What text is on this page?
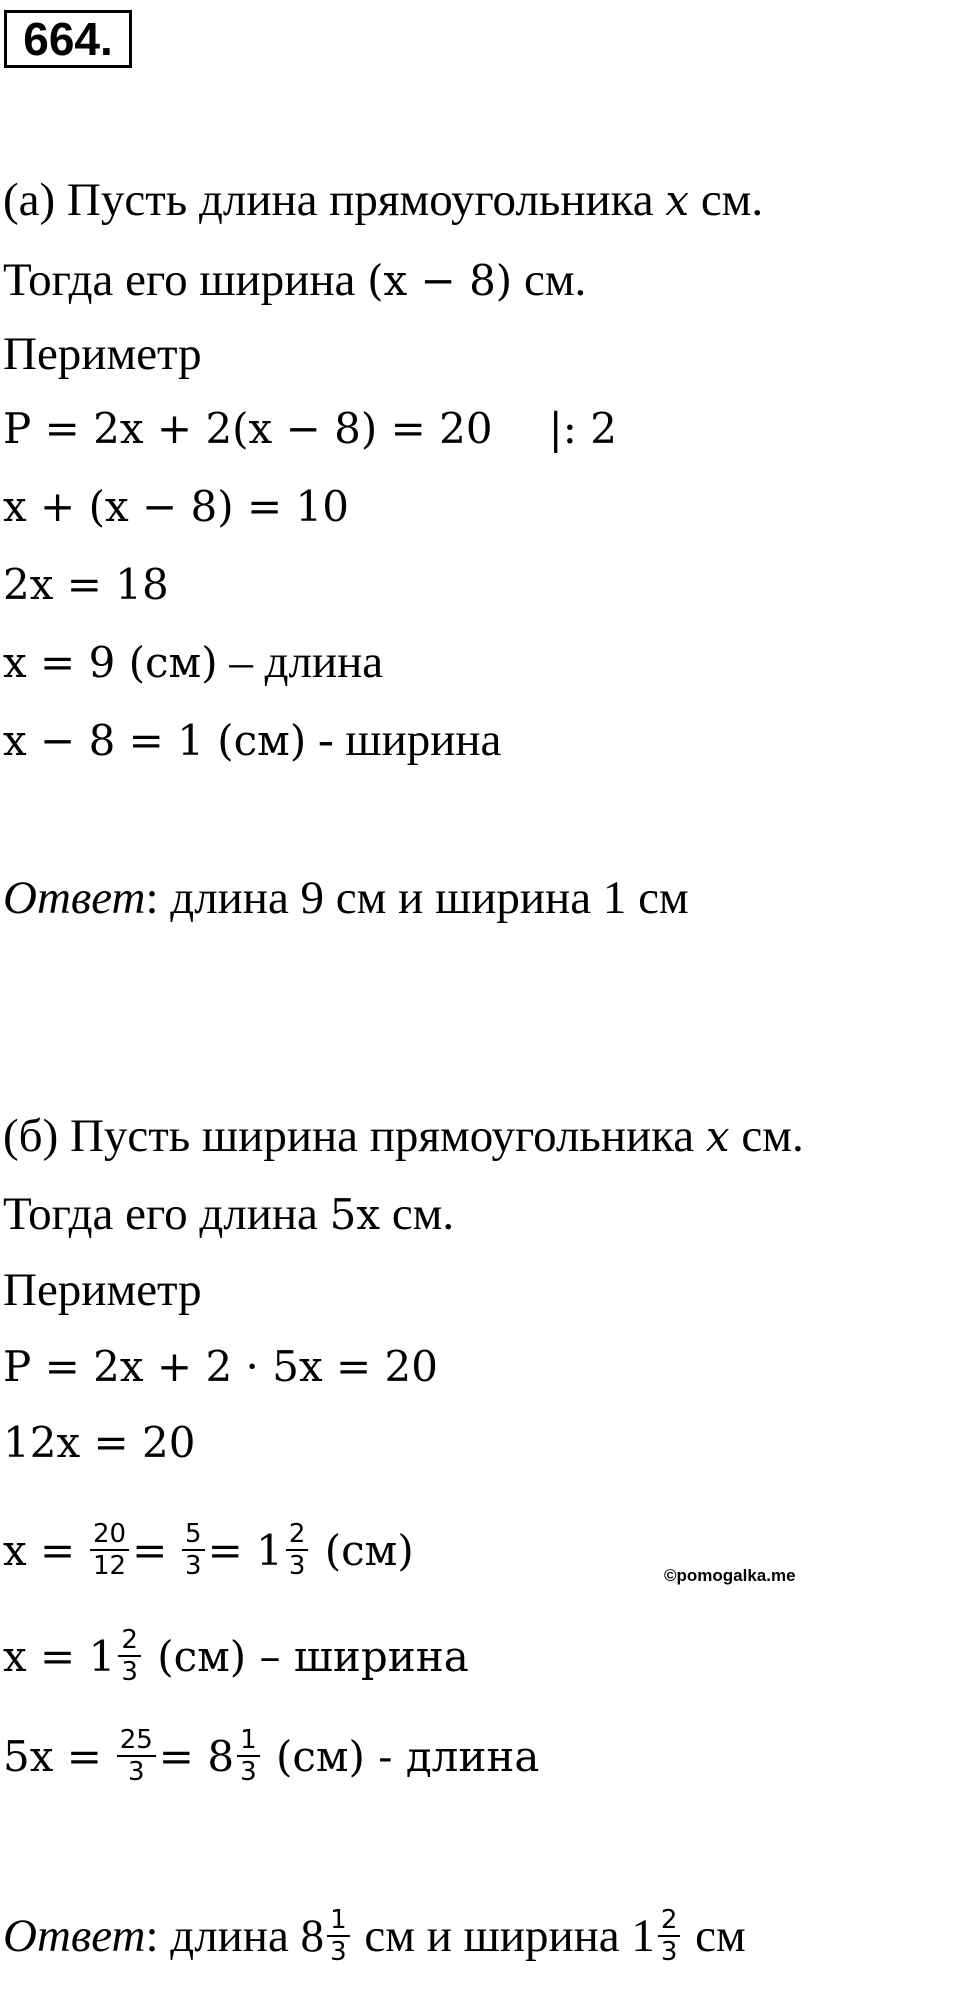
664.
(а) Пусть длина прямоугольника x см.
Тогда его ширина (x − 8) см.
Периметр
P = 2x + 2(x − 8) = 20 |: 2
x + (x − 8) = 10
2x = 18
x = 9 (см) – длина
x − 8 = 1 (см) - ширина
Ответ: длина 9 см и ширина 1 см
(б) Пусть ширина прямоугольника x см.
Тогда его длина 5x см.
Периметр
P = 2x + 2 · 5x = 20
12x = 20
$x = \frac{20}{12} = \frac{5}{3} = 1 \frac{2}{3} (см)$
©pomogalka.me
$x = 1 \frac{2}{3} (см)$ – ширина
$5x = \frac{25}{3} = 8 \frac{1}{3} (см)$ - длина
Ответ: длина $8 \frac{1}{3}$ см и ширина $1 \frac{2}{3}$ см
